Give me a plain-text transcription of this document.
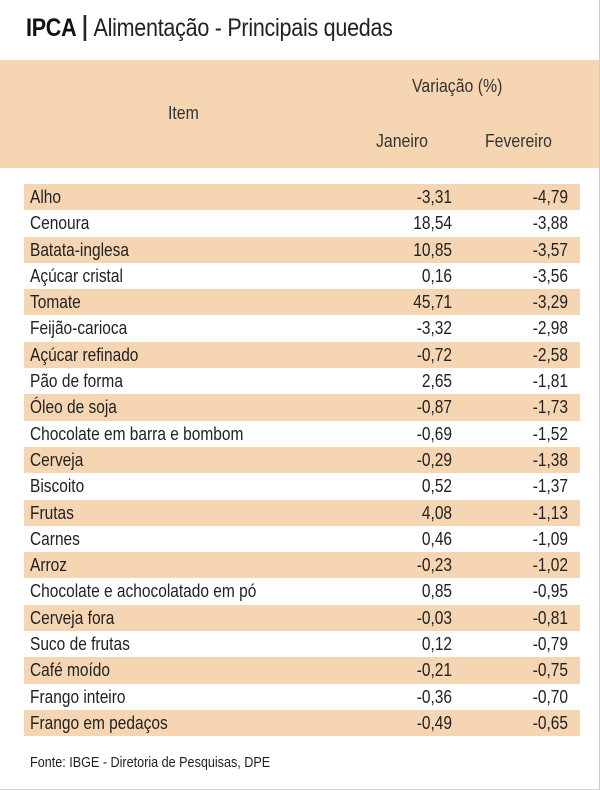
IPCA Alimentação - Principais quedas
Item
Variação (%)
Janeiro	Fevereiro
Alho	-3,31	-4,79
Cenoura	18,54	-3,88
Batata-inglesa	10,85	-3,57
Açúcar cristal	0,16	-3,56
Tomate	45,71	-3,29
Feijão-carioca	-3,32	-2,98
Açúcar refinado	-0,72	-2,58
Pão de forma	2,65	-1,81
Óleo de soja	-0,87	-1,73
Chocolate em barra e bombom	-0,69	-1,52
Cerveja	-0,29	-1,38
Biscoito	0,52	-1,37
Frutas	4,08	-1,13
Carnes	0,46	-1,09
Arroz	-0,23	-1,02
Chocolate e achocolatado em pó	0,85	-0,95
Cerveja fora	-0,03	-0,81
Suco de frutas	0,12	-0,79
Café moído	-0,21	-0,75
Frango inteiro	-0,36	-0,70
Frango em pedaços	-0,49	-0,65
Fonte: IBGE - Diretoria de Pesquisas, DPE
